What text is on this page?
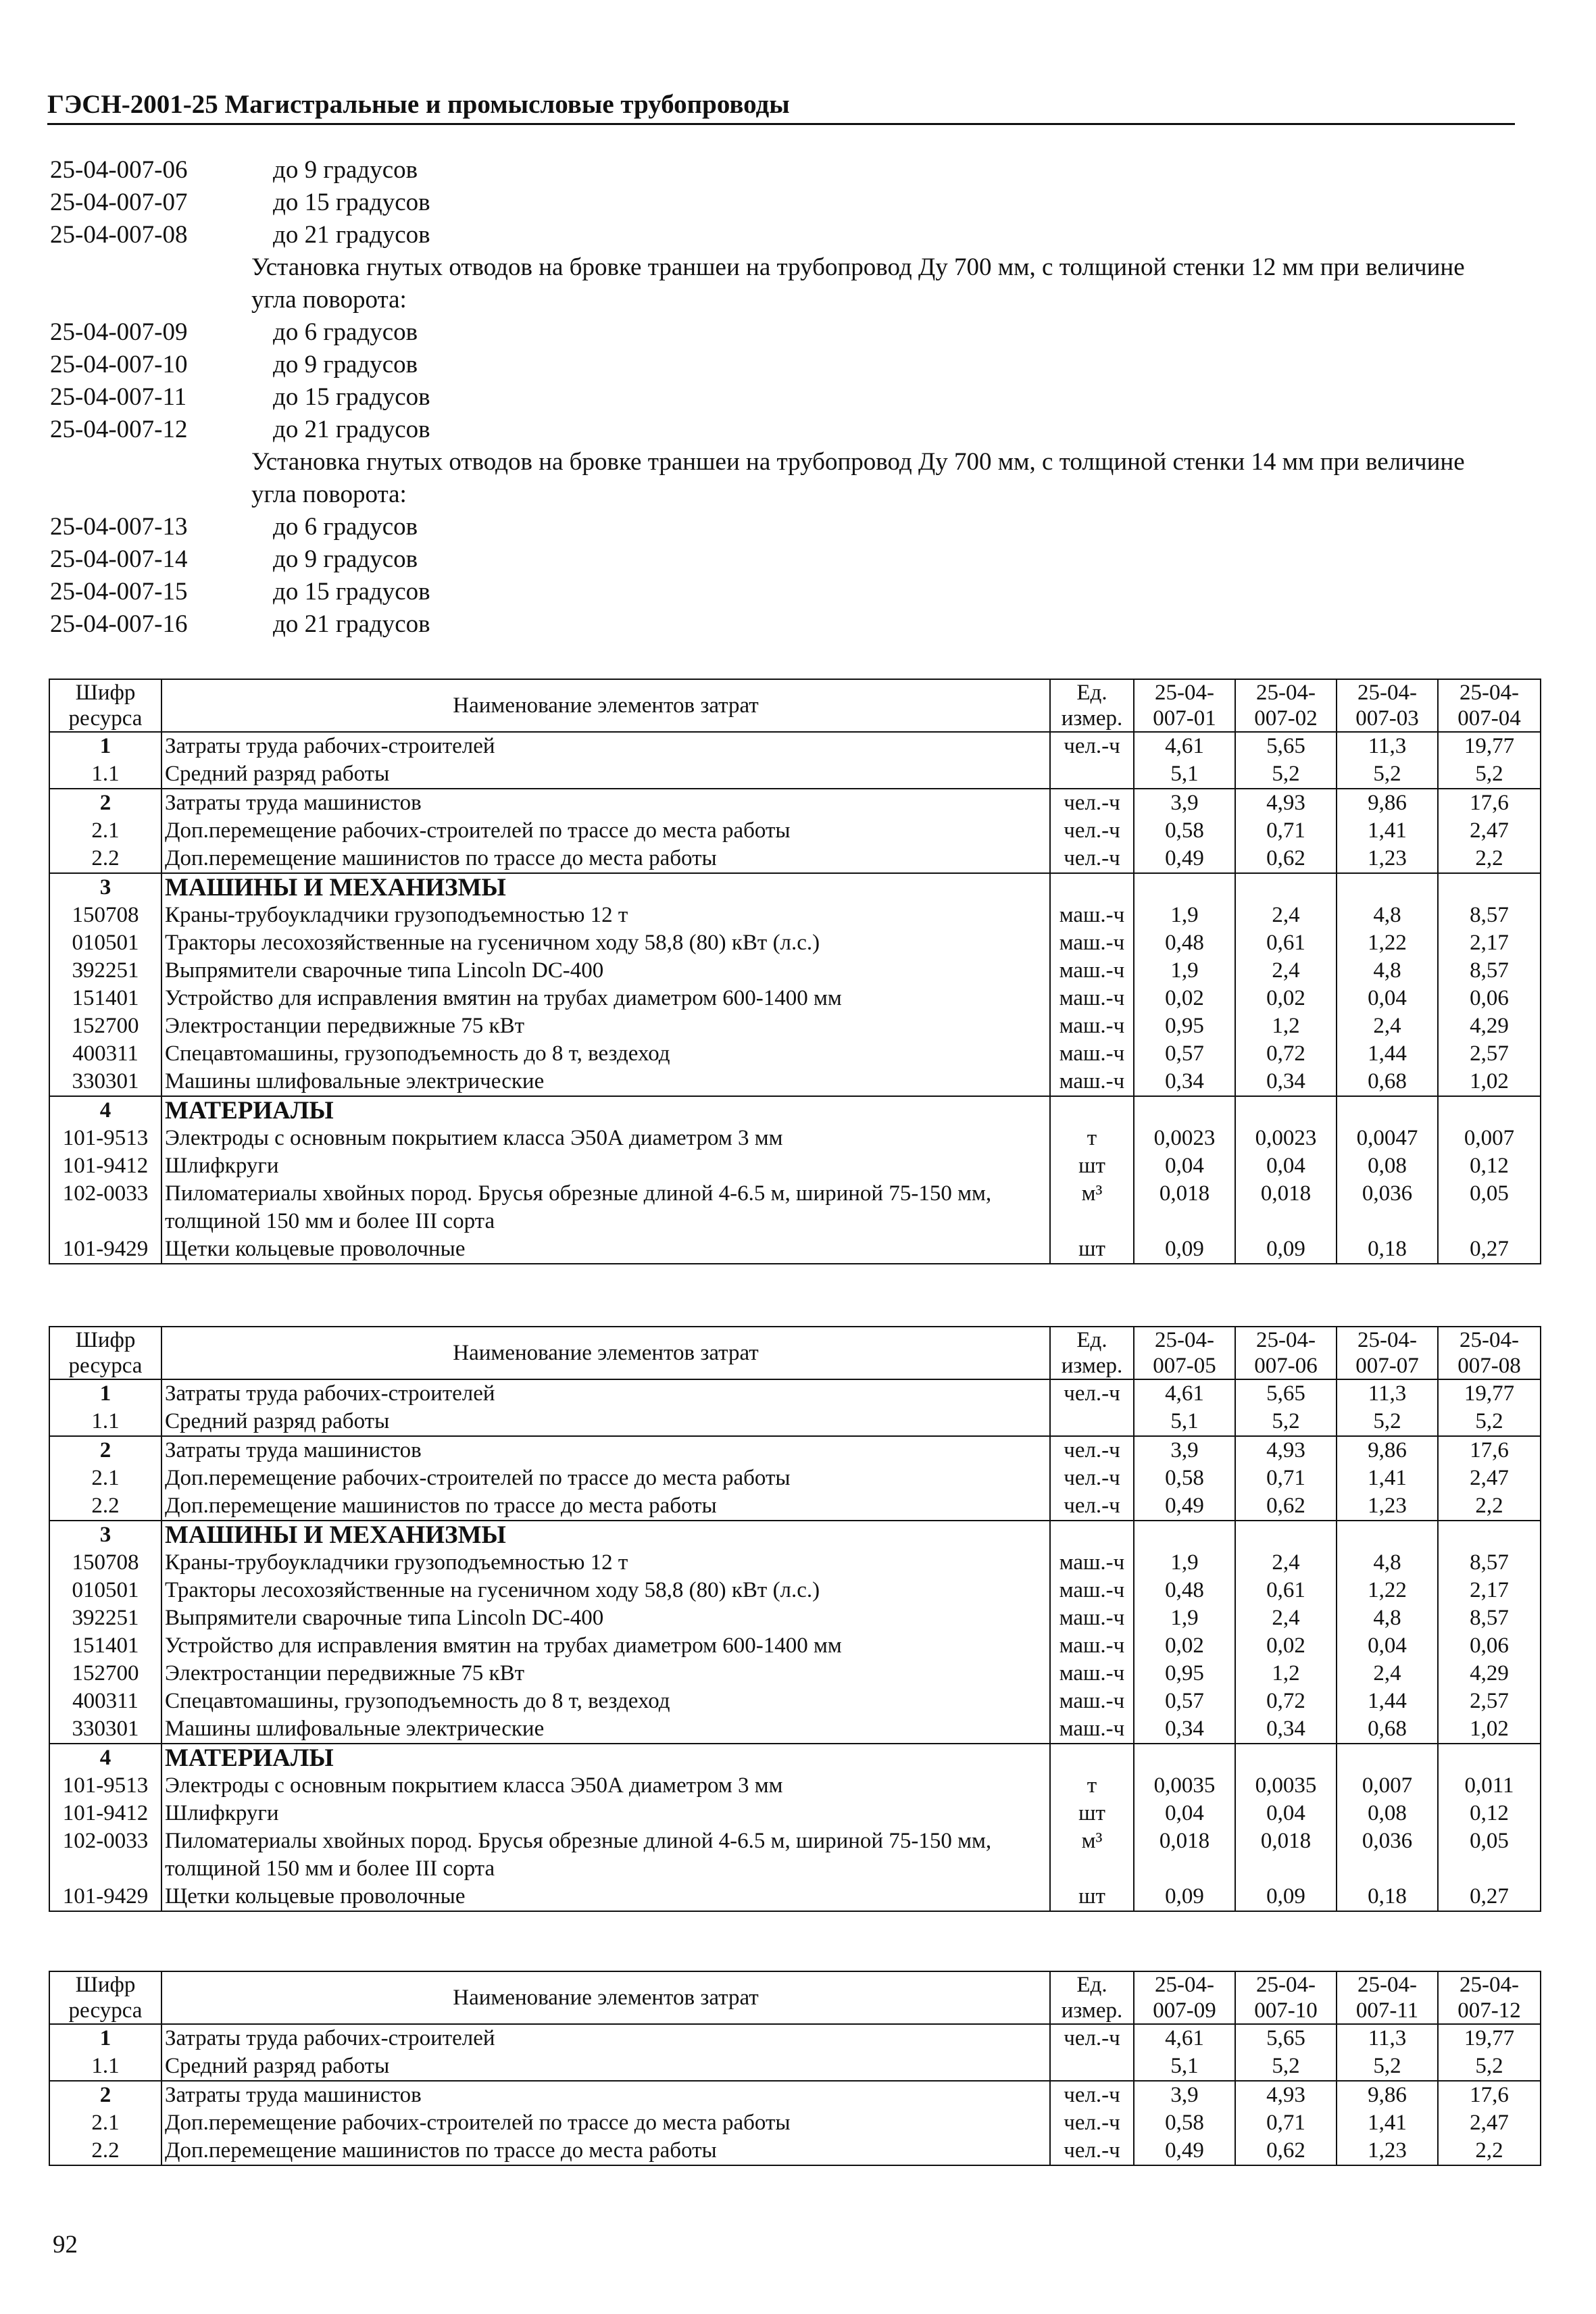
ГЭСН-2001-25 Магистральные и промысловые трубопроводы
25-04-007-06	до 9 градусов
25-04-007-07	до 15 градусов
25-04-007-08	до 21 градусов
Установка гнутых отводов на бровке траншеи на трубопровод Ду 700 мм, с толщиной стенки 12 мм при величине угла поворота:
25-04-007-09	до 6 градусов
25-04-007-10	до 9 градусов
25-04-007-11	до 15 градусов
25-04-007-12	до 21 градусов
Установка гнутых отводов на бровке траншеи на трубопровод Ду 700 мм, с толщиной стенки 14 мм при величине угла поворота:
25-04-007-13	до 6 градусов
25-04-007-14	до 9 градусов
25-04-007-15	до 15 градусов
25-04-007-16	до 21 градусов
Шифр ресурса	Наименование элементов затрат	Ед. измер.	25-04- 007-01	25-04- 007-02	25-04- 007-03	25-04- 007-04
1	Затраты труда рабочих-строителей	чел.-ч	4,61	5,65	11,3	19,77
1.1	Средний разряд работы		5,1	5,2	5,2	5,2
2	Затраты труда машинистов	чел.-ч	3,9	4,93	9,86	17,6
2.1	Доп.перемещение рабочих-строителей по трассе до места работы	чел.-ч	0,58	0,71	1,41	2,47
2.2	Доп.перемещение машинистов по трассе до места работы	чел.-ч	0,49	0,62	1,23	2,2
3	МАШИНЫ И МЕХАНИЗМЫ					
150708	Краны-трубоукладчики грузоподъемностью 12 т	маш.-ч	1,9	2,4	4,8	8,57
010501	Тракторы лесохозяйственные на гусеничном ходу 58,8 (80) кВт (л.с.)	маш.-ч	0,48	0,61	1,22	2,17
392251	Выпрямители сварочные типа Lincoln DC-400	маш.-ч	1,9	2,4	4,8	8,57
151401	Устройство для исправления вмятин на трубах диаметром 600-1400 мм	маш.-ч	0,02	0,02	0,04	0,06
152700	Электростанции передвижные 75 кВт	маш.-ч	0,95	1,2	2,4	4,29
400311	Спецавтомашины, грузоподъемность до 8 т, вездеход	маш.-ч	0,57	0,72	1,44	2,57
330301	Машины шлифовальные электрические	маш.-ч	0,34	0,34	0,68	1,02
4	МАТЕРИАЛЫ					
101-9513	Электроды с основным покрытием класса Э50А диаметром 3 мм	т	0,0023	0,0023	0,0047	0,007
101-9412	Шлифкруги	шт	0,04	0,04	0,08	0,12
102-0033	Пиломатериалы хвойных пород. Брусья обрезные длиной 4-6.5 м, шириной 75-150 мм, толщиной 150 мм и более III сорта	м³	0,018	0,018	0,036	0,05
101-9429	Щетки кольцевые проволочные	шт	0,09	0,09	0,18	0,27
Шифр ресурса	Наименование элементов затрат	Ед. измер.	25-04- 007-05	25-04- 007-06	25-04- 007-07	25-04- 007-08
1	Затраты труда рабочих-строителей	чел.-ч	4,61	5,65	11,3	19,77
1.1	Средний разряд работы		5,1	5,2	5,2	5,2
2	Затраты труда машинистов	чел.-ч	3,9	4,93	9,86	17,6
2.1	Доп.перемещение рабочих-строителей по трассе до места работы	чел.-ч	0,58	0,71	1,41	2,47
2.2	Доп.перемещение машинистов по трассе до места работы	чел.-ч	0,49	0,62	1,23	2,2
3	МАШИНЫ И МЕХАНИЗМЫ					
150708	Краны-трубоукладчики грузоподъемностью 12 т	маш.-ч	1,9	2,4	4,8	8,57
010501	Тракторы лесохозяйственные на гусеничном ходу 58,8 (80) кВт (л.с.)	маш.-ч	0,48	0,61	1,22	2,17
392251	Выпрямители сварочные типа Lincoln DC-400	маш.-ч	1,9	2,4	4,8	8,57
151401	Устройство для исправления вмятин на трубах диаметром 600-1400 мм	маш.-ч	0,02	0,02	0,04	0,06
152700	Электростанции передвижные 75 кВт	маш.-ч	0,95	1,2	2,4	4,29
400311	Спецавтомашины, грузоподъемность до 8 т, вездеход	маш.-ч	0,57	0,72	1,44	2,57
330301	Машины шлифовальные электрические	маш.-ч	0,34	0,34	0,68	1,02
4	МАТЕРИАЛЫ					
101-9513	Электроды с основным покрытием класса Э50А диаметром 3 мм	т	0,0035	0,0035	0,007	0,011
101-9412	Шлифкруги	шт	0,04	0,04	0,08	0,12
102-0033	Пиломатериалы хвойных пород. Брусья обрезные длиной 4-6.5 м, шириной 75-150 мм, толщиной 150 мм и более III сорта	м³	0,018	0,018	0,036	0,05
101-9429	Щетки кольцевые проволочные	шт	0,09	0,09	0,18	0,27
Шифр ресурса	Наименование элементов затрат	Ед. измер.	25-04- 007-09	25-04- 007-10	25-04- 007-11	25-04- 007-12
1	Затраты труда рабочих-строителей	чел.-ч	4,61	5,65	11,3	19,77
1.1	Средний разряд работы		5,1	5,2	5,2	5,2
2	Затраты труда машинистов	чел.-ч	3,9	4,93	9,86	17,6
2.1	Доп.перемещение рабочих-строителей по трассе до места работы	чел.-ч	0,58	0,71	1,41	2,47
2.2	Доп.перемещение машинистов по трассе до места работы	чел.-ч	0,49	0,62	1,23	2,2
92
